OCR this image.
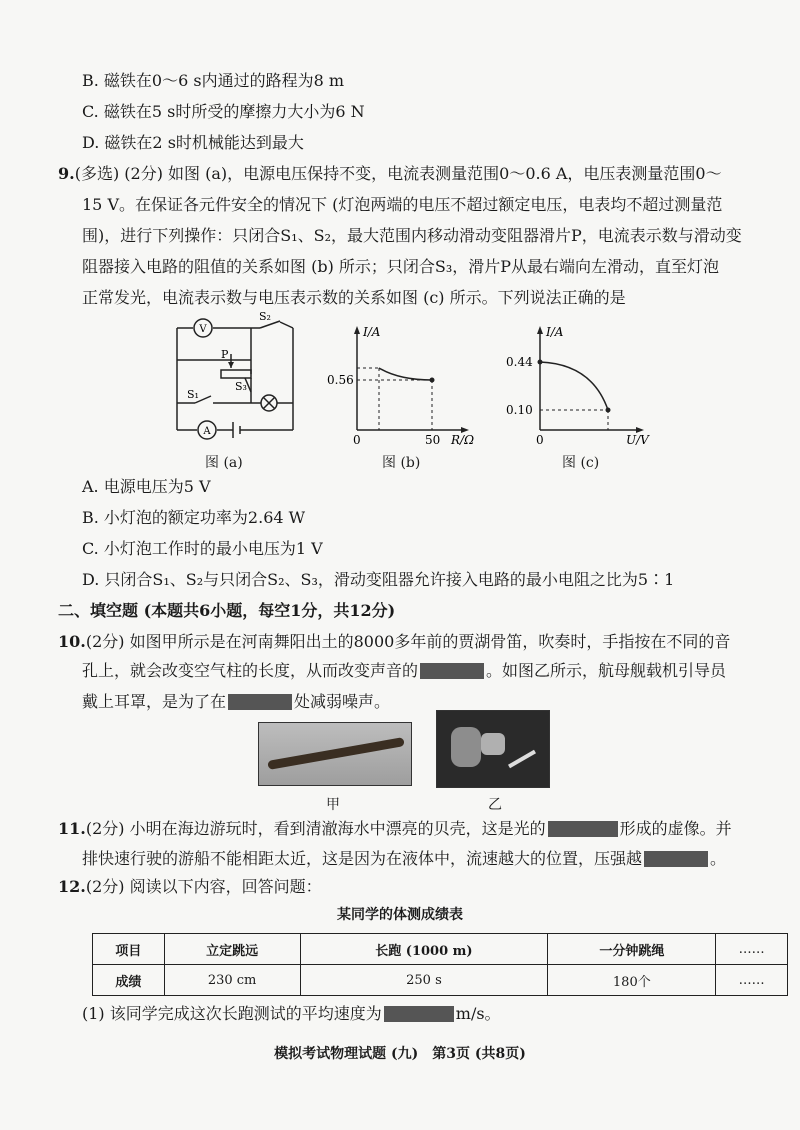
B. 磁铁在0～6 s内通过的路程为8 m
C. 磁铁在5 s时所受的摩擦力大小为6 N
D. 磁铁在2 s时机械能达到最大
9.(多选) (2分) 如图 (a)，电源电压保持不变，电流表测量范围0～0.6 A，电压表测量范围0～
15 V。在保证各元件安全的情况下 (灯泡两端的电压不超过额定电压，电表均不超过测量范
围)，进行下列操作：只闭合S₁、S₂，最大范围内移动滑动变阻器滑片P，电流表示数与滑动变
阻器接入电路的阻值的关系如图 (b) 所示；只闭合S₃，滑片P从最右端向左滑动，直至灯泡
正常发光，电流表示数与电压表示数的关系如图 (c) 所示。下列说法正确的是
V
A
P
S₁
S₂
S₃
图 (a)
I/A
0.56
50
0	R/Ω
图 (b)
I/A
0.44
0.10
0	U/V
图 (c)
A. 电源电压为5 V
B. 小灯泡的额定功率为2.64 W
C. 小灯泡工作时的最小电压为1 V
D. 只闭合S₁、S₂与只闭合S₂、S₃，滑动变阻器允许接入电路的最小电阻之比为5∶1
二、填空题 (本题共6小题，每空1分，共12分)
10.(2分) 如图甲所示是在河南舞阳出土的8000多年前的贾湖骨笛，吹奏时，手指按在不同的音
孔上，就会改变空气柱的长度，从而改变声音的	。如图乙所示，航母舰载机引导员
戴上耳罩，是为了在	处减弱噪声。
甲	乙
11.(2分) 小明在海边游玩时，看到清澈海水中漂亮的贝壳，这是光的	形成的虚像。并
排快速行驶的游船不能相距太近，这是因为在液体中，流速越大的位置，压强越	。
12.(2分) 阅读以下内容，回答问题：
某同学的体测成绩表
项目	立定跳远	长跑 (1000 m)	一分钟跳绳	……
成绩	230 cm	250 s	180个	……
(1) 该同学完成这次长跑测试的平均速度为	m/s。
模拟考试物理试题 (九)　第3页 (共8页)
